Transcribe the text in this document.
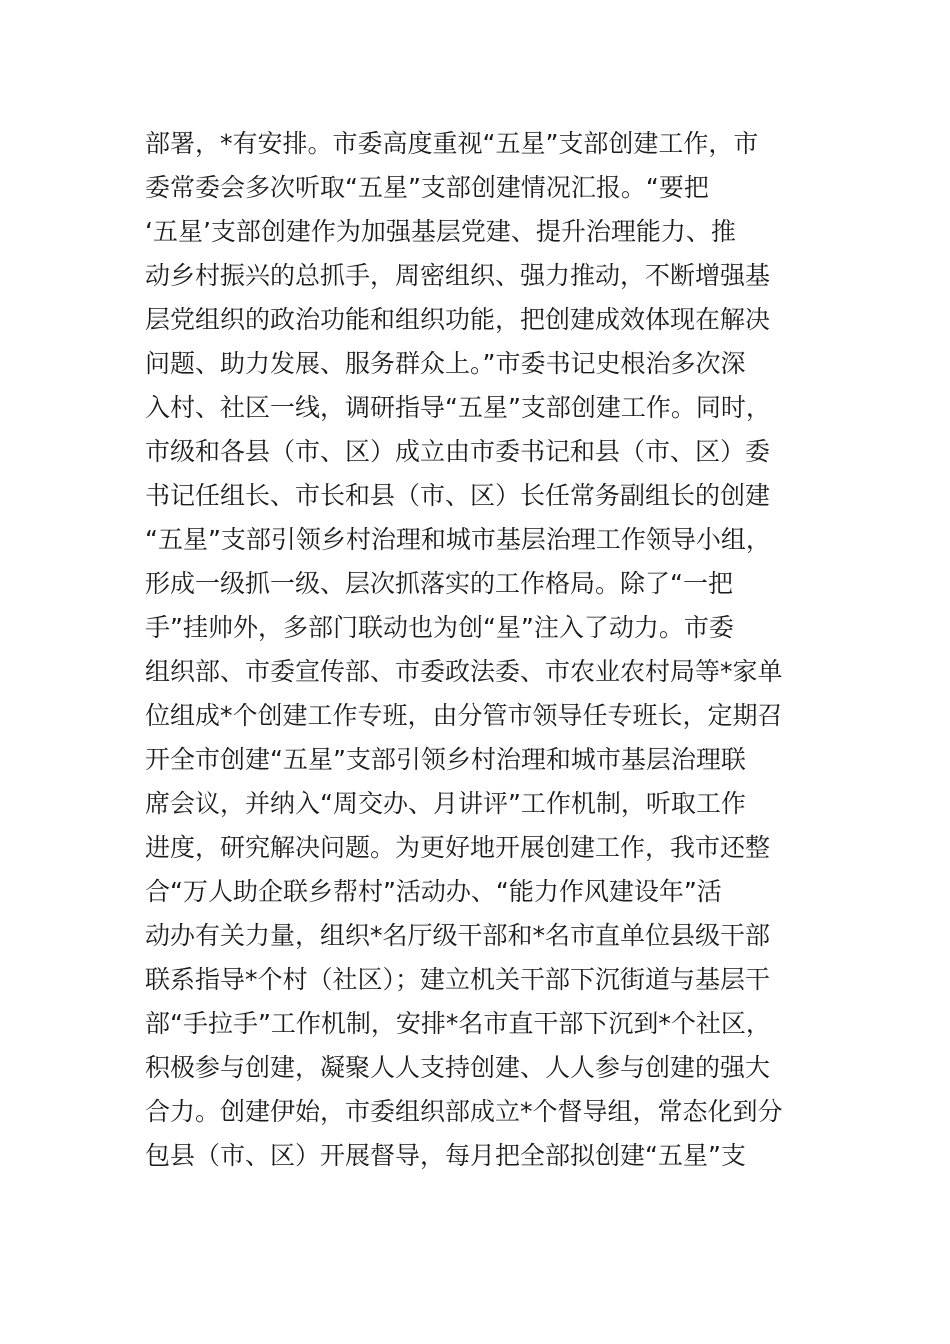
部署，*有安排。市委高度重视“五星”支部创建工作，市
委常委会多次听取“五星”支部创建情况汇报。“要把
‘五星’支部创建作为加强基层党建、提升治理能力、推
动乡村振兴的总抓手，周密组织、强力推动，不断增强基
层党组织的政治功能和组织功能，把创建成效体现在解决
问题、助力发展、服务群众上。”市委书记史根治多次深
入村、社区一线，调研指导“五星”支部创建工作。同时，
市级和各县（市、区）成立由市委书记和县（市、区）委
书记任组长、市长和县（市、区）长任常务副组长的创建
“五星”支部引领乡村治理和城市基层治理工作领导小组，
形成一级抓一级、层次抓落实的工作格局。除了“一把
手”挂帅外，多部门联动也为创“星”注入了动力。市委
组织部、市委宣传部、市委政法委、市农业农村局等*家单
位组成*个创建工作专班，由分管市领导任专班长，定期召
开全市创建“五星”支部引领乡村治理和城市基层治理联
席会议，并纳入“周交办、月讲评”工作机制，听取工作
进度，研究解决问题。为更好地开展创建工作，我市还整
合“万人助企联乡帮村”活动办、“能力作风建设年”活
动办有关力量，组织*名厅级干部和*名市直单位县级干部
联系指导*个村（社区）；建立机关干部下沉街道与基层干
部“手拉手”工作机制，安排*名市直干部下沉到*个社区，
积极参与创建，凝聚人人支持创建、人人参与创建的强大
合力。创建伊始，市委组织部成立*个督导组，常态化到分
包县（市、区）开展督导，每月把全部拟创建“五星”支
